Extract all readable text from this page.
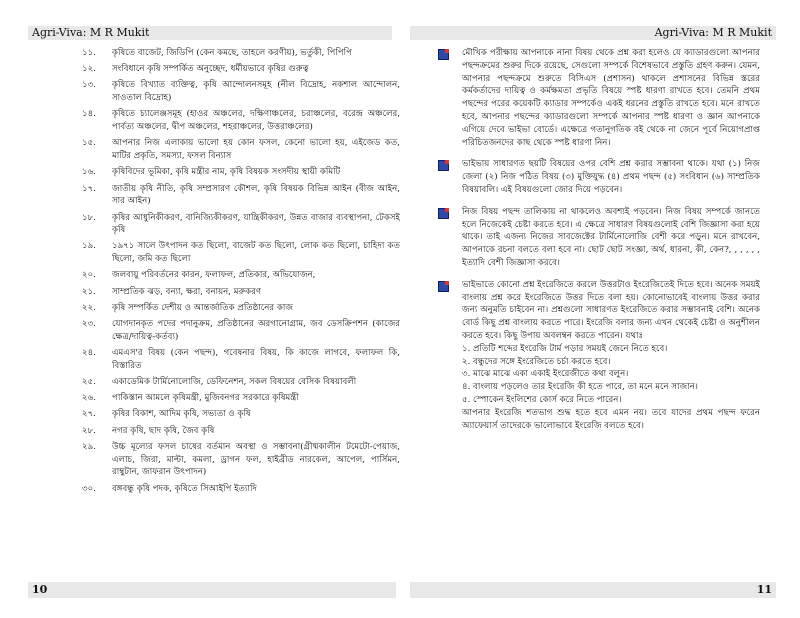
Agri-Viva: M R Mukit	Agri-Viva: M R Mukit
১১.	কৃষিতে বাজেট, জিডিপি (কেন কমছে, তাহলে করণীয়), ভর্তুকী, পিপিপি
১২.	সংবিধানে কৃষি সম্পর্কিত অনুচ্ছেদ, ধর্মীয়ভাবে কৃষির গুরুত্ব
১৩.	কৃষিতে বিখ্যাত ব্যক্তিত্ব, কৃষি আন্দোলনসমূহ (নীল বিদ্রোহ, নকশাল আন্দোলন, সাওতাল বিদ্রোহ)
১৪.	কৃষিতে চ্যালেঞ্জসমূহ (হাওর অঞ্চলের, দক্ষিণাঞ্চলের, চরাঞ্চলের, বরেন্দ্র অঞ্চলের, পার্বত্য অঞ্চলের, দ্বীপ অঞ্চলের, শহরাঞ্চলের, উত্তরাঞ্চলের)
১৫.	আপনার নিজ এলাকায় ভালো হয় কোন ফসল, কেনো ভালো হয়, এইজেড কত, মাটির প্রকৃতি, সমস্যা, ফসল বিন্যাস
১৬.	কৃষিবিদের ভূমিকা, কৃষি মন্ত্রীর নাম, কৃষি বিষয়ক সংসদীয় স্থায়ী কমিটি
১৭.	জাতীয় কৃষি নীতি, কৃষি সম্প্রসারণ কৌশল, কৃষি বিষয়ক বিভিন্ন আইন (বীজ আইন, সার আইন)
১৮.	কৃষির আধুনিকীকরণ, বানিজ্যিকীকরণ, যান্ত্রিকীকরণ, উন্নত বাজার ব্যবস্থাপনা, টেকসই কৃষি
১৯.	১৯৭১ সালে উৎপাদন কত ছিলো, বাজেট কত ছিলো, লোক কত ছিলো, চাহিদা কত ছিলো, জমি কত ছিলো
২০.	জলবায়ু পরিবর্তনের কারন, ফলাফল, প্রতিকার, অভিযোজন,
২১.	সাম্প্রতিক ঝড়, বন্যা, ক্ষরা, বনায়ন, মরুকরণ
২২.	কৃষি সম্পর্কিত দেশীয় ও আন্তর্জাতিক প্রতিষ্ঠানের কাজ
২৩.	যোগদানকৃত পদের পদানুক্রম, প্রতিষ্ঠানের অরগানোগ্রাম, জব ডেসক্রিপশন (কাজের ক্ষেত্র/দায়িত্ব-কর্তব্য)
২৪.	এমএস'র বিষয় (কেন পছন্দ), গবেষনার বিষয়, কি কাজে লাগবে, ফলাফল কি, বিস্তারিত
২৫.	একাডেমিক টার্মিনোলোজি, ডেফিনেশন, সকল বিষয়ের বেসিক বিষয়াবলী
২৬.	পাকিস্তান আমলে কৃষিমন্ত্রী, মুজিবনগর সরকারে কৃষিমন্ত্রী
২৭.	কৃষির বিকাশ, আদিম কৃষি, সভ্যতা ও কৃষি
২৮.	নগর কৃষি, ছাদ কৃষি, জৈব কৃষি
২৯.	উচ্চ মূল্যের ফসল চাষের বর্তমান অবস্থা ও সম্ভাবনা(গ্রীষ্মকালীন টমেটো-পেয়াজ, এলাচ, জিরা, মাল্টা, কমলা, ড্রাগন ফল, হাইব্রীড নারকেল, আপেল, পার্সিমন, রাম্বুটান, জাফরান উৎপাদন)
৩০.	বঙ্গবন্ধু কৃষি পদক, কৃষিতে সিআইপি ইত্যাদি

মৌখিক পরীক্ষায় আপনাকে নানা বিষয় থেকে প্রশ্ন করা হলেও যে ক্যাডারগুলো আপনার পছন্দক্রমের শুরুর দিকে রয়েছে, সেগুলো সম্পর্কে বিশেষভাবে প্রস্তুতি গ্রহণ করুন। যেমন, আপনার পছন্দক্রমে শুরুতে বিসিএস (প্রশাসন) থাকলে প্রশাসনের বিভিন্ন স্তরের কর্মকর্তাদের দায়িত্ব ও কর্মক্ষমতা প্রভৃতি বিষয়ে স্পষ্ট ধারণা রাখতে হবে। তেমনি প্রথম পছন্দের পরের কয়েকটি ক্যাডার সম্পর্কেও একই ধরনের প্রস্তুতি রাখতে হবে। মনে রাখতে হবে, আপনার পছন্দের ক্যাডারগুলো সম্পর্কে আপনার স্পষ্ট ধারণা ও জ্ঞান আপনাকে এগিয়ে দেবে ভাইভা বোর্ডে। এক্ষেত্রে গতানুগতিক বই থেকে না জেনে পূর্বে নিয়োগপ্রাপ্ত পরিচিতজনদের কাছ থেকে স্পষ্ট ধারণা নিন।

ভাইভায় সাধারণত ছয়টি বিষয়ের ওপর বেশি প্রশ্ন করার সম্ভাবনা থাকে। যথা (১) নিজ জেলা (২) নিজ পঠিত বিষয় (৩) মুক্তিযুদ্ধ (৪) প্রথম পছন্দ (৫) সংবিধান (৬) সাম্প্রতিক বিষয়াবলি। এই বিষয়গুলো জোর দিয়ে পড়বেন।

নিজ বিষয় পছন্দ তালিকায় না থাকলেও অবশ্যই পড়বেন। নিজ বিষয় সম্পর্কে জানতে হলে নিজেকেই চেষ্টা করতে হবে। এ ক্ষেত্রে সাধারণ বিষয়গুলোই বেশি জিজ্ঞাসা করা হয়ে থাকে। তাই এজন্য নিজের সাবজেক্টের টার্মিনোলোজি বেশী করে পড়ুন। মনে রাখবেন, আপনাকে রচনা বলতে বলা হবে না। ছোট ছোট সংজ্ঞা, অর্থ, ধারনা, কী, কেন?, , , , , , ইত্যাদি বেশী জিজ্ঞাসা করবে।

ভাইভাতে কোনো প্রশ্ন ইংরেজিতে করলে উত্তরটাও ইংরেজিতেই দিতে হবে। অনেক সময়ই বাংলায় প্রশ্ন করে ইংরেজিতে উত্তর দিতে বলা হয়। কোনোভাবেই বাংলায় উত্তর করার জন্য অনুমতি চাইবেন না। প্রশ্নগুলো সাধারণত ইংরেজিতে করার সম্ভাবনাই বেশি। অনেক বোর্ড কিছু প্রশ্ন বাংলায় করতে পারে। ইংরেজি বলার জন্য এখন থেকেই চেষ্টা ও অনুশীলন করতে হবে। কিছু উপায় অবলম্বন করতে পারেন। যথাঃ

১. প্রতিটি শব্দের ইংরেজি টার্ম পড়ার সময়ই জেনে নিতে হবে।

২. বন্ধুদের সঙ্গে ইংরেজিতে চর্চা করতে হবে।

৩. মাঝে মাঝে একা একাই ইংরেজীতে কথা বলুন।

৪. বাংলায় পড়লেও তার ইংরেজি কী হতে পারে, তা মনে মনে সাজান।

৫. স্পোকেন ইংলিশের কোর্স করে নিতে পারেন।

আপনার ইংরেজি শতভাগ শুদ্ধ হতে হবে এমন নয়। তবে যাদের প্রথম পছন্দ ফরেন অ্যাফেয়ার্স তাদেরকে ভালোভাবে ইংরেজি বলতে হবে।

10	11
